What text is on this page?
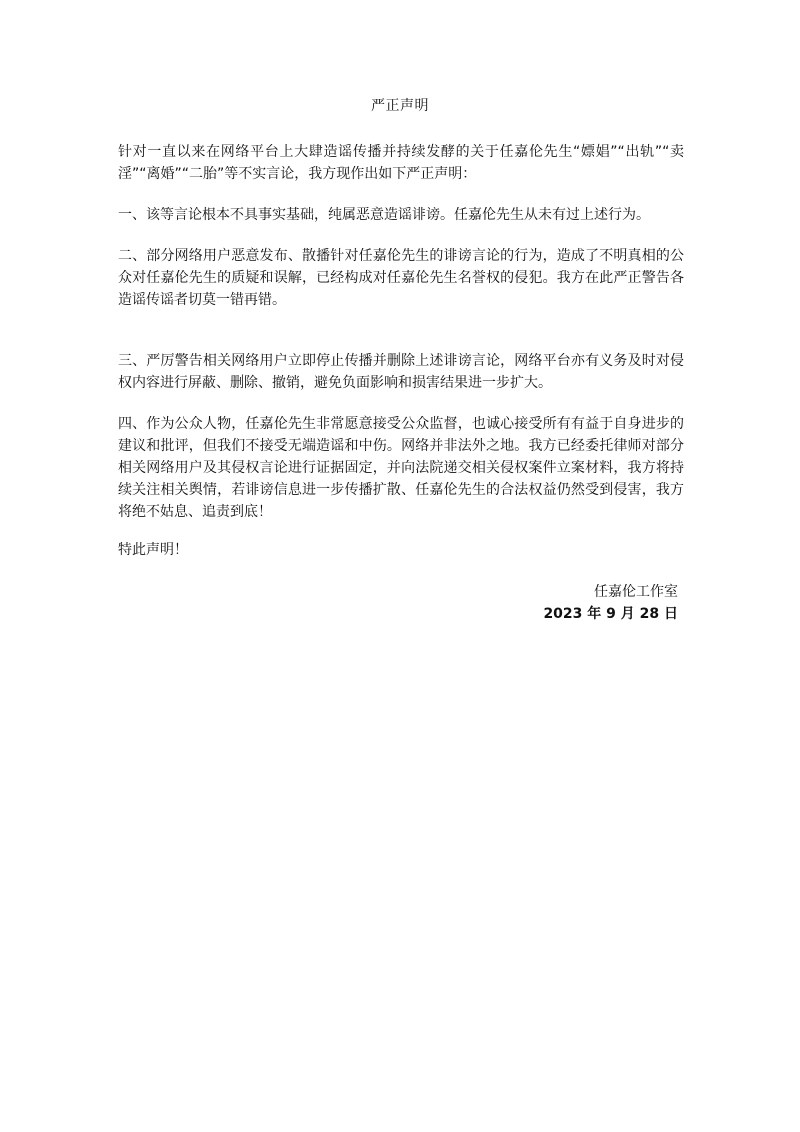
严正声明

针对一直以来在网络平台上大肆造谣传播并持续发酵的关于任嘉伦先生“嫖娼”“出轨”“卖淫”“离婚”“二胎”等不实言论，我方现作出如下严正声明：

一、该等言论根本不具事实基础，纯属恶意造谣诽谤。任嘉伦先生从未有过上述行为。

二、部分网络用户恶意发布、散播针对任嘉伦先生的诽谤言论的行为，造成了不明真相的公众对任嘉伦先生的质疑和误解，已经构成对任嘉伦先生名誉权的侵犯。我方在此严正警告各造谣传谣者切莫一错再错。

三、严厉警告相关网络用户立即停止传播并删除上述诽谤言论，网络平台亦有义务及时对侵权内容进行屏蔽、删除、撤销，避免负面影响和损害结果进一步扩大。

四、作为公众人物，任嘉伦先生非常愿意接受公众监督，也诚心接受所有有益于自身进步的建议和批评，但我们不接受无端造谣和中伤。网络并非法外之地。我方已经委托律师对部分相关网络用户及其侵权言论进行证据固定，并向法院递交相关侵权案件立案材料，我方将持续关注相关舆情，若诽谤信息进一步传播扩散、任嘉伦先生的合法权益仍然受到侵害，我方将绝不姑息、追责到底！

特此声明！

任嘉伦工作室
2023 年 9 月 28 日
